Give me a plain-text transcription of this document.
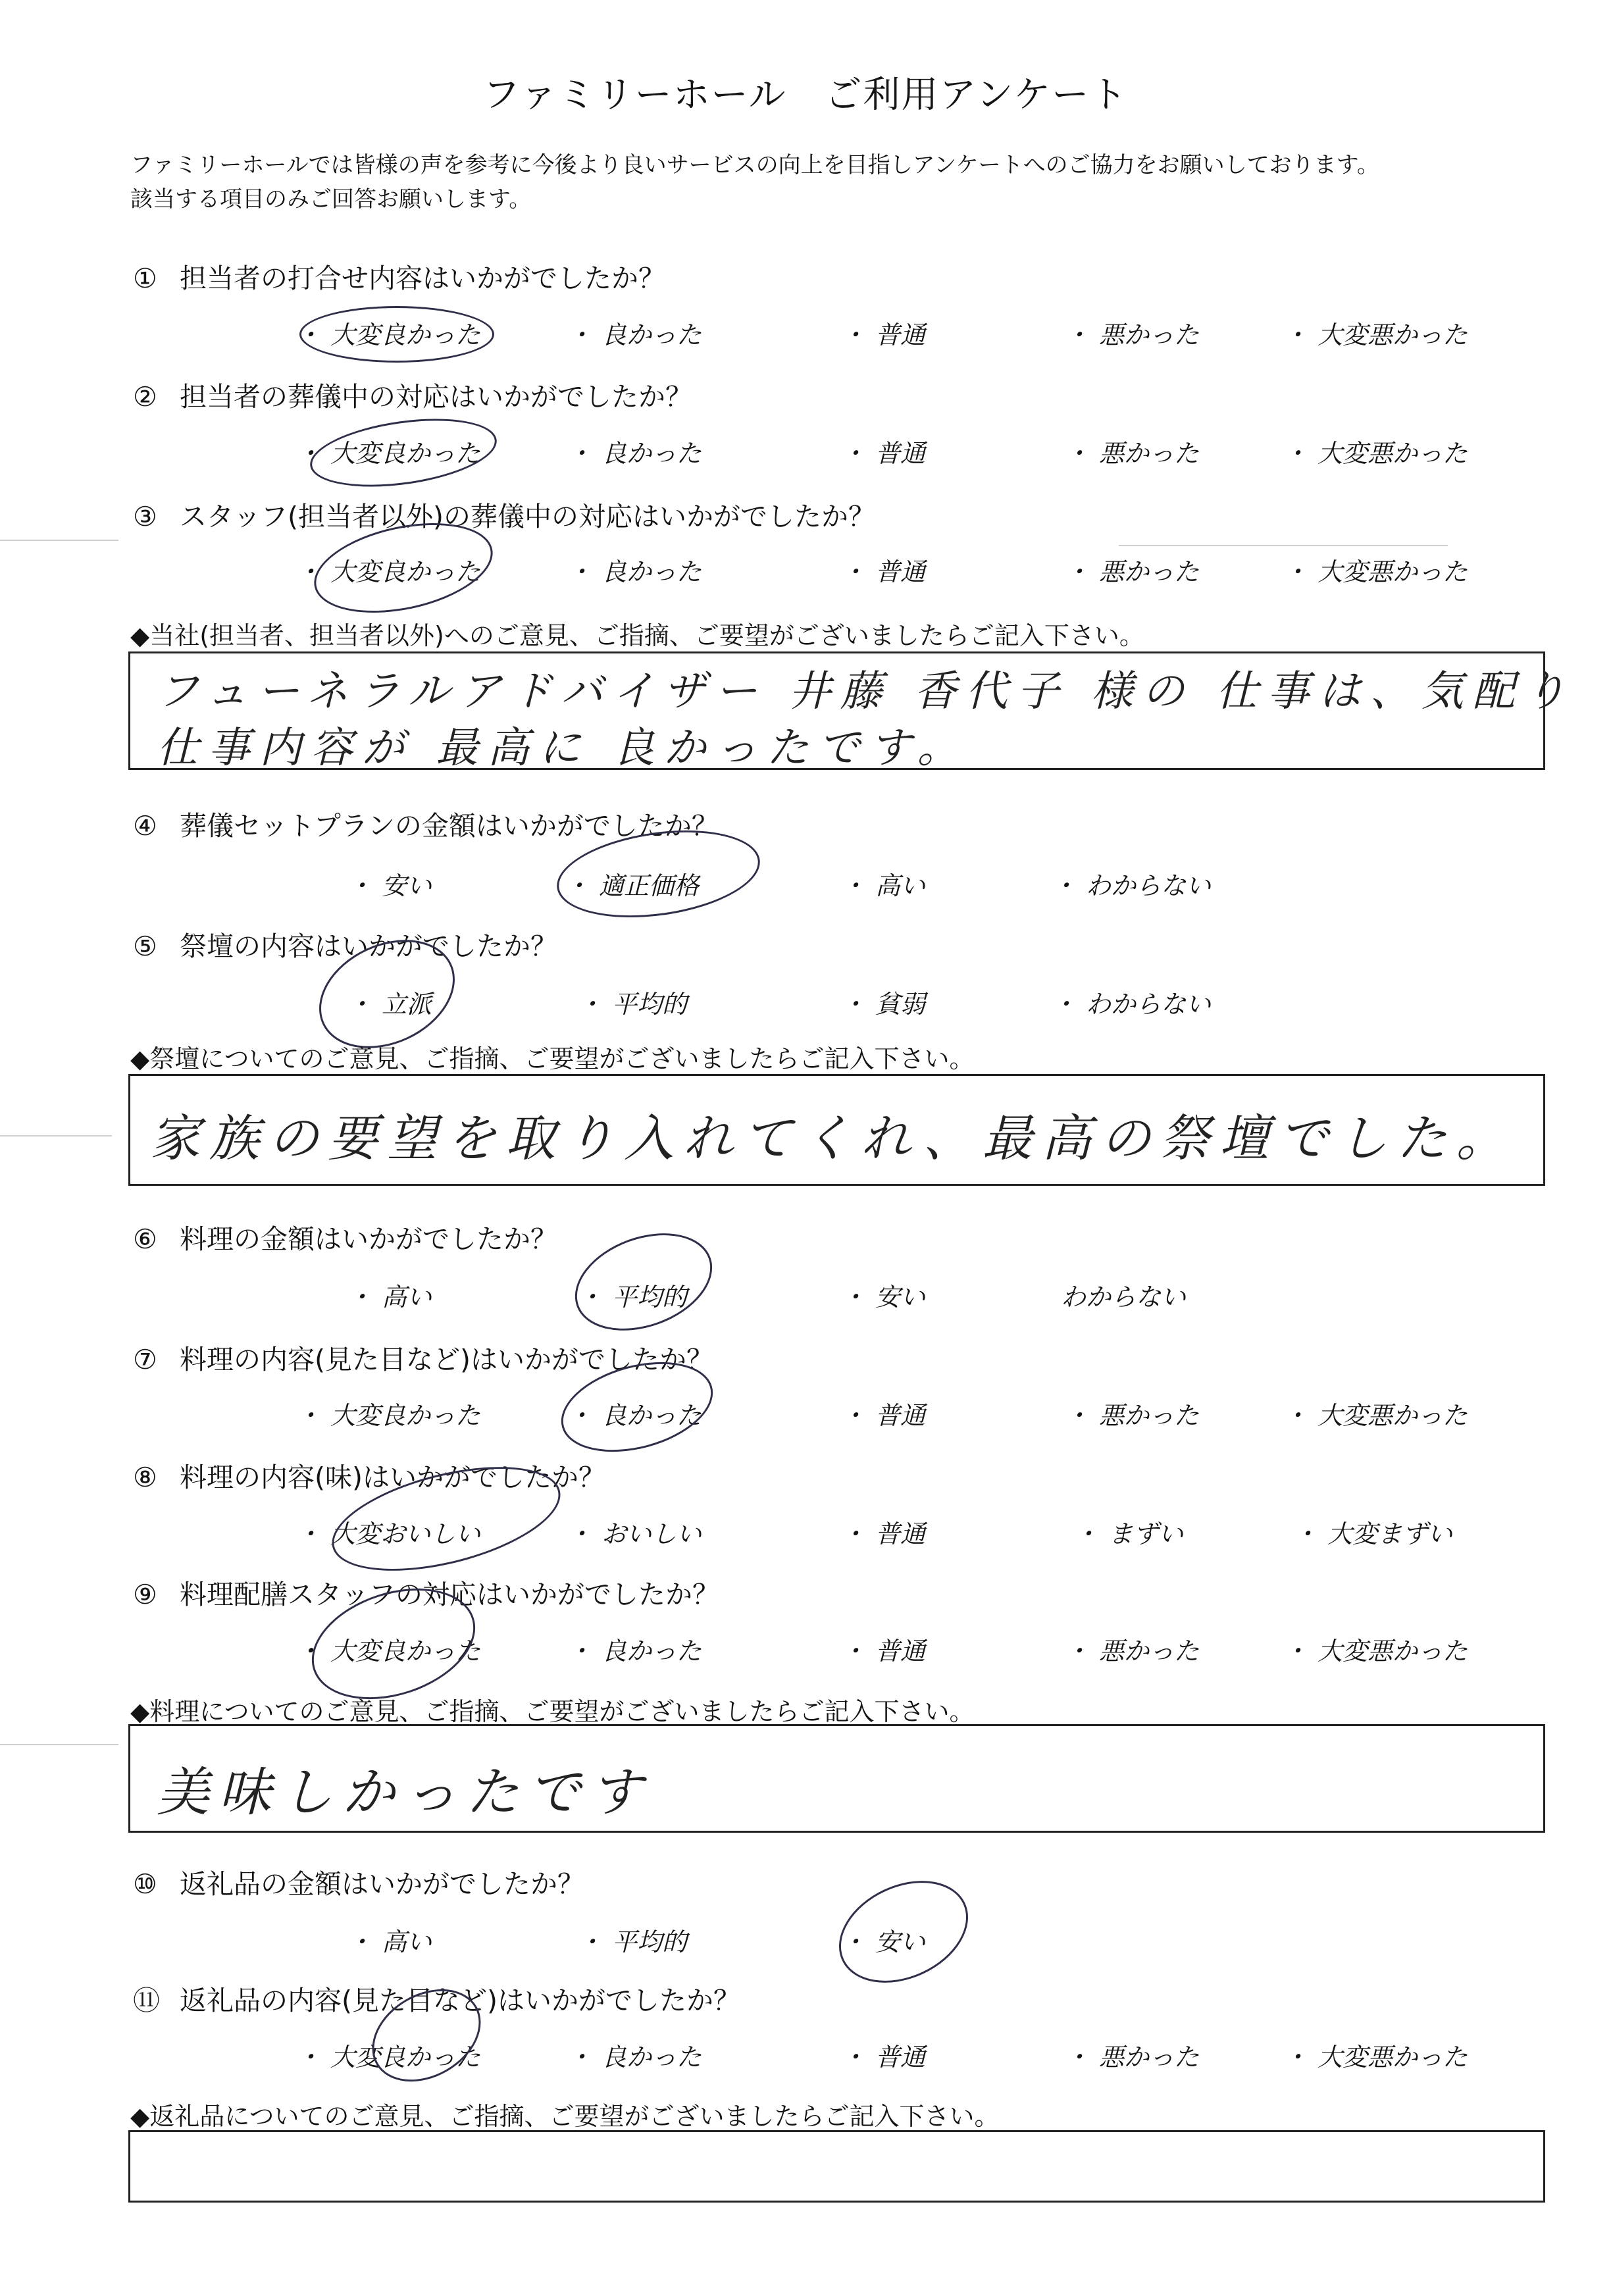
ファミリーホール　ご利用アンケート
ファミリーホールでは皆様の声を参考に今後より良いサービスの向上を目指しアンケートへのご協力をお願いしております。
該当する項目のみご回答お願いします。
① 担当者の打合せ内容はいかがでしたか？
・ 大変良かった	・ 良かった	・ 普通	・ 悪かった	・ 大変悪かった
② 担当者の葬儀中の対応はいかがでしたか？
・ 大変良かった	・ 良かった	・ 普通	・ 悪かった	・ 大変悪かった
③ スタッフ(担当者以外)の葬儀中の対応はいかがでしたか？
・ 大変良かった	・ 良かった	・ 普通	・ 悪かった	・ 大変悪かった
◆当社(担当者、担当者以外)へのご意見、ご指摘、ご要望がございましたらご記入下さい。
フューネラルアドバイザー 井藤 香代子 様の 仕事は、気配り
仕事内容が 最高に 良かったです。
④ 葬儀セットプランの金額はいかがでしたか？
・ 安い	・ 適正価格	・ 高い	・ わからない
⑤ 祭壇の内容はいかがでしたか？
・ 立派	・ 平均的	・ 貧弱	・ わからない
◆祭壇についてのご意見、ご指摘、ご要望がございましたらご記入下さい。
家族の要望を取り入れてくれ、最高の祭壇でした。
⑥ 料理の金額はいかがでしたか？
・ 高い	・ 平均的	・ 安い	わからない
⑦ 料理の内容(見た目など)はいかがでしたか？
・ 大変良かった	・ 良かった	・ 普通	・ 悪かった	・ 大変悪かった
⑧ 料理の内容(味)はいかがでしたか？
・ 大変おいしい	・ おいしい	・ 普通	・ まずい	・ 大変まずい
⑨ 料理配膳スタッフの対応はいかがでしたか？
・ 大変良かった	・ 良かった	・ 普通	・ 悪かった	・ 大変悪かった
◆料理についてのご意見、ご指摘、ご要望がございましたらご記入下さい。
美味しかったです
⑩ 返礼品の金額はいかがでしたか？
・ 高い	・ 平均的	・ 安い
⑪ 返礼品の内容(見た目など)はいかがでしたか？
・ 大変良かった	・ 良かった	・ 普通	・ 悪かった	・ 大変悪かった
◆返礼品についてのご意見、ご指摘、ご要望がございましたらご記入下さい。
